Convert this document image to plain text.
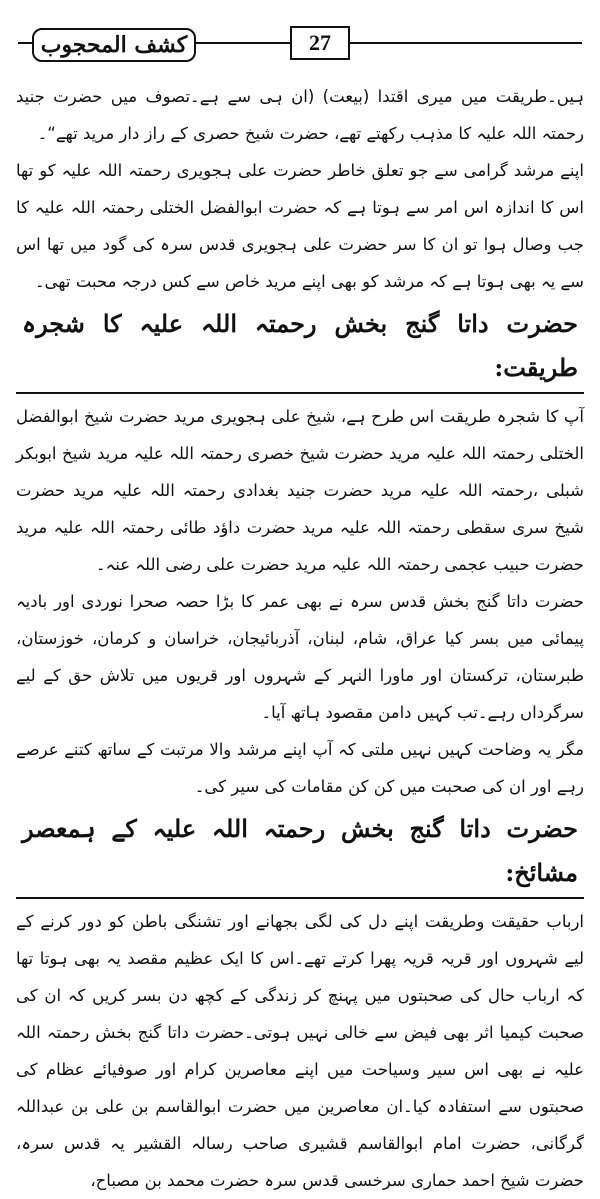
كشف المحجوب	27

ہیں۔طریقت میں میری اقتدا (بیعت) (ان ہی سے ہے۔تصوف میں حضرت جنید رحمتہ اللہ علیہ کا مذہب رکھتے تھے، حضرت شیخ حصری کے راز دار مرید تھے“۔

اپنے مرشد گرامی سے جو تعلق خاطر حضرت علی ہجویری رحمتہ اللہ علیہ کو تھا اس کا اندازہ اس امر سے ہوتا ہے کہ حضرت ابوالفضل الختلی رحمتہ اللہ علیہ کا جب وصال ہوا تو ان کا سر حضرت علی ہجویری قدس سرہ کی گود میں تھا اس سے یہ بھی ہوتا ہے کہ مرشد کو بھی اپنے مرید خاص سے کس درجہ محبت تھی۔

حضرت داتا گنج بخش رحمتہ اللہ علیہ کا شجرہ طریقت:

آپ کا شجرہ طریقت اس طرح ہے، شیخ علی ہجویری مرید حضرت شیخ ابوالفضل الختلی رحمتہ اللہ علیہ مرید حضرت شیخ خصری رحمتہ اللہ علیہ مرید شیخ ابوبکر شبلی ،رحمتہ اللہ علیہ مرید حضرت جنید بغدادی رحمتہ اللہ علیہ مرید حضرت شیخ سری سقطی رحمتہ اللہ علیہ مرید حضرت داؤد طائی رحمتہ اللہ علیہ مرید حضرت حبیب عجمی رحمتہ اللہ علیہ مرید حضرت علی رضی اللہ عنہ۔

حضرت داتا گنج بخش قدس سرہ نے بھی عمر کا بڑا حصہ صحرا نوردی اور بادیہ پیمائی میں بسر کیا عراق، شام، لبنان، آذربائیجان، خراسان و کرمان، خوزستان، طبرستان، ترکستان اور ماورا النہر کے شہروں اور قریوں میں تلاش حق کے لیے سرگرداں رہے۔تب کہیں دامن مقصود ہاتھ آیا۔

مگر یہ وضاحت کہیں نہیں ملتی کہ آپ اپنے مرشد والا مرتبت کے ساتھ کتنے عرصے رہے اور ان کی صحبت میں کن کن مقامات کی سیر کی۔

حضرت داتا گنج بخش رحمتہ اللہ علیہ کے ہمعصر مشائخ:

ارباب حقیقت وطریقت اپنے دل کی لگی بجھانے اور تشنگی باطن کو دور کرنے کے لیے شہروں اور قریہ قریہ پھرا کرتے تھے۔اس کا ایک عظیم مقصد یہ بھی ہوتا تھا کہ ارباب حال کی صحبتوں میں پہنچ کر زندگی کے کچھ دن بسر کریں کہ ان کی صحبت کیمیا اثر بھی فیض سے خالی نہیں ہوتی۔حضرت داتا گنج بخش رحمتہ اللہ علیہ نے بھی اس سیر وسیاحت میں اپنے معاصرین کرام اور صوفیائے عظام کی صحبتوں سے استفادہ کیا۔ان معاصرین میں حضرت ابوالقاسم بن علی بن عبداللہ گرگانی، حضرت امام ابوالقاسم قشیری صاحب رسالہ القشیر یہ قدس سرہ، حضرت شیخ احمد حماری سرخسی قدس سرہ حضرت محمد بن مصباح،
